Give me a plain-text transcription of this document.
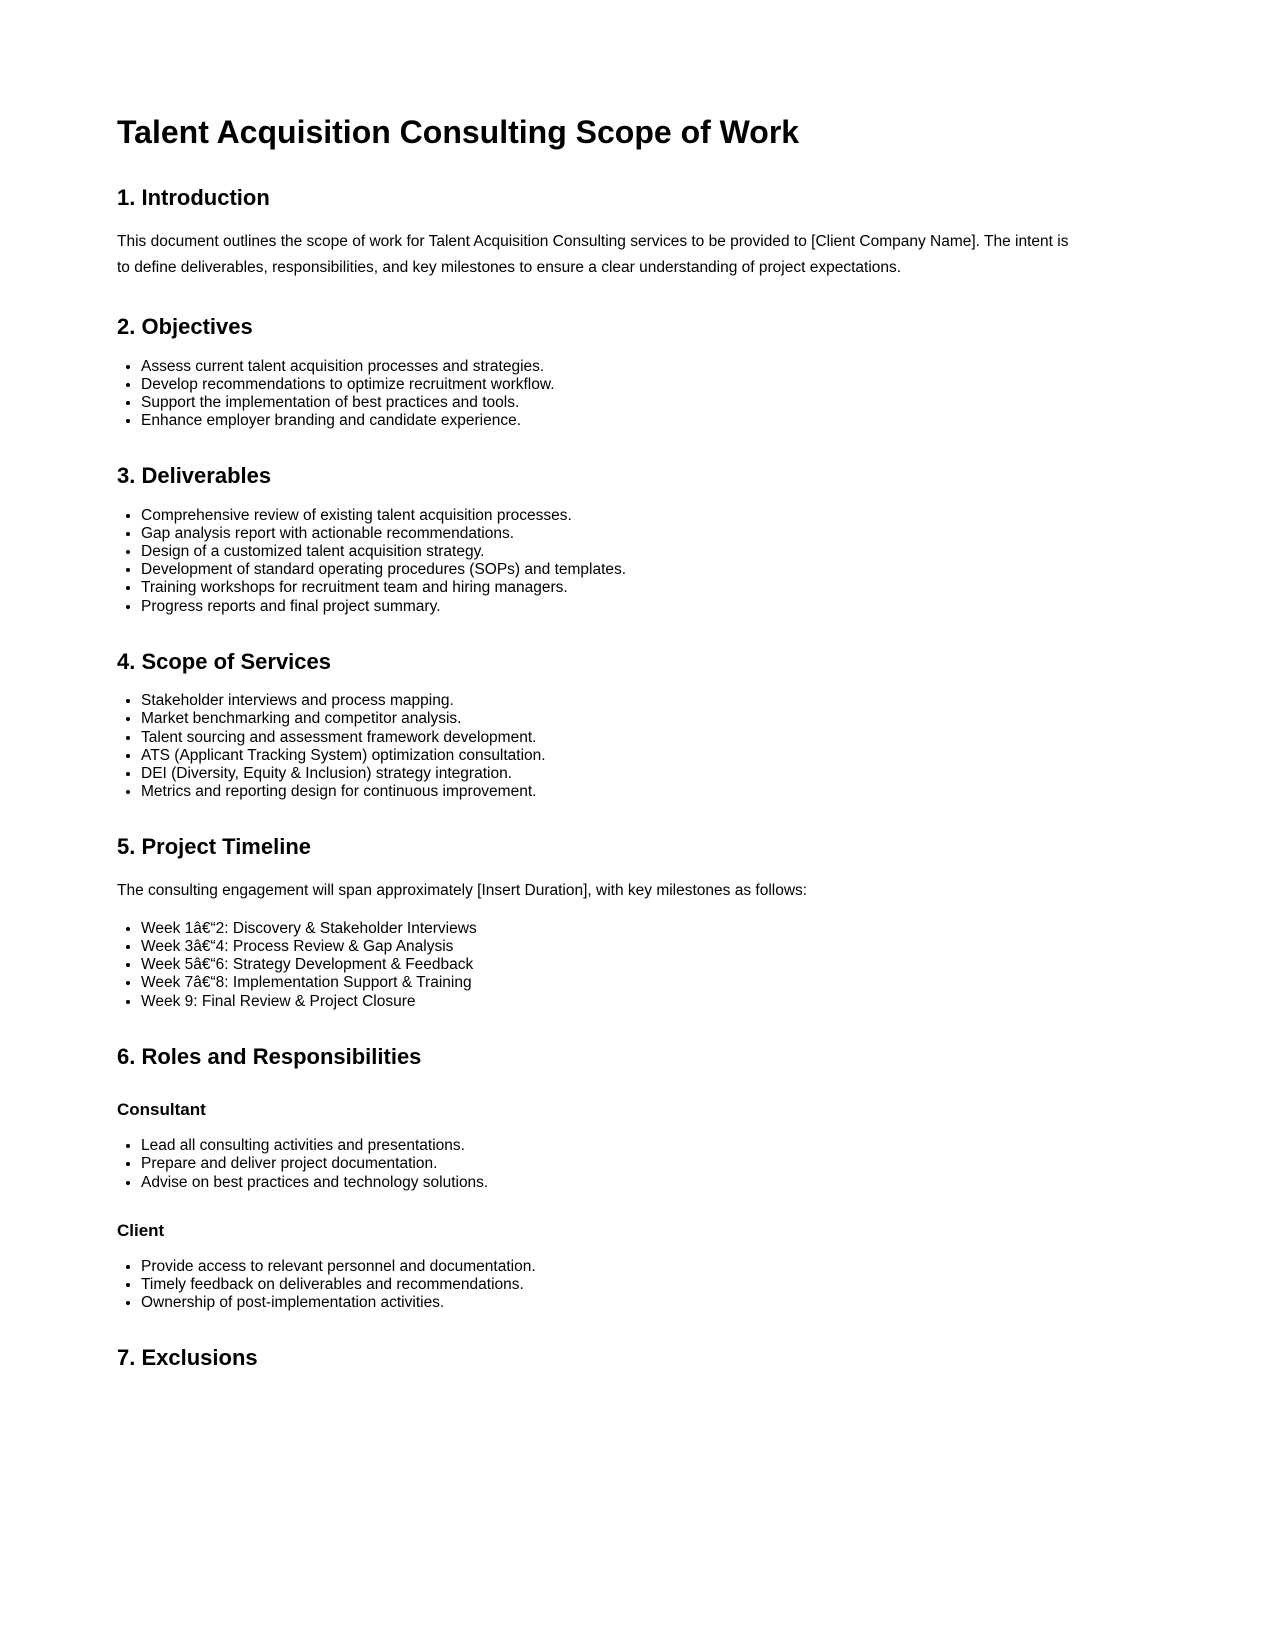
Talent Acquisition Consulting Scope of Work
1. Introduction

This document outlines the scope of work for Talent Acquisition Consulting services to be provided to [Client Company Name]. The intent is to define deliverables, responsibilities, and key milestones to ensure a clear understanding of project expectations.

2. Objectives
• Assess current talent acquisition processes and strategies.
• Develop recommendations to optimize recruitment workflow.
• Support the implementation of best practices and tools.
• Enhance employer branding and candidate experience.
3. Deliverables
• Comprehensive review of existing talent acquisition processes.
• Gap analysis report with actionable recommendations.
• Design of a customized talent acquisition strategy.
• Development of standard operating procedures (SOPs) and templates.
• Training workshops for recruitment team and hiring managers.
• Progress reports and final project summary.
4. Scope of Services
• Stakeholder interviews and process mapping.
• Market benchmarking and competitor analysis.
• Talent sourcing and assessment framework development.
• ATS (Applicant Tracking System) optimization consultation.
• DEI (Diversity, Equity & Inclusion) strategy integration.
• Metrics and reporting design for continuous improvement.
5. Project Timeline

The consulting engagement will span approximately [Insert Duration], with key milestones as follows:

• Week 1â€“2: Discovery & Stakeholder Interviews
• Week 3â€“4: Process Review & Gap Analysis
• Week 5â€“6: Strategy Development & Feedback
• Week 7â€“8: Implementation Support & Training
• Week 9: Final Review & Project Closure
6. Roles and Responsibilities
Consultant
• Lead all consulting activities and presentations.
• Prepare and deliver project documentation.
• Advise on best practices and technology solutions.
Client
• Provide access to relevant personnel and documentation.
• Timely feedback on deliverables and recommendations.
• Ownership of post-implementation activities.
7. Exclusions
